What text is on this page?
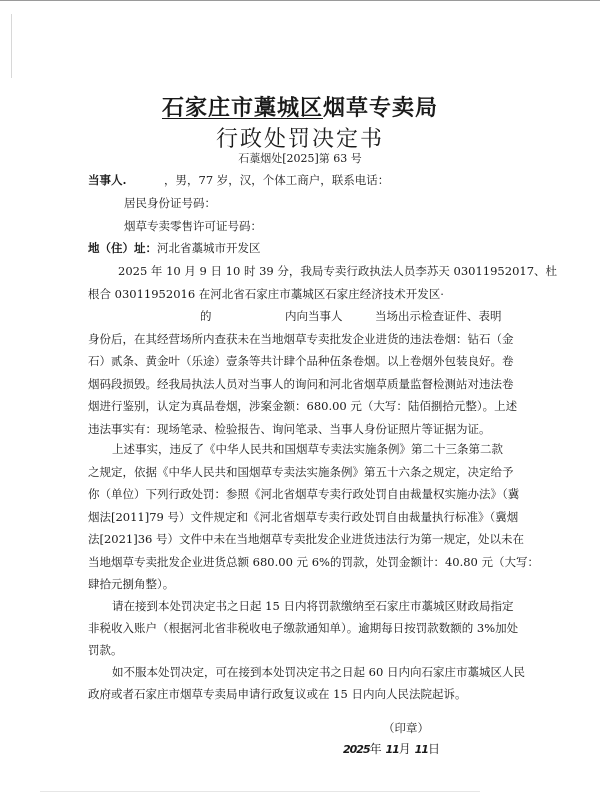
石家庄市藁城区烟草专卖局
行政处罚决定书
石藁烟处[2025]第 63 号
当事人.	，男，77 岁，汉，个体工商户，联系电话：
居民身份证号码：
烟草专卖零售许可证号码：
地（住）址：河北省藁城市开发区
2025 年 10 月 9 日 10 时 39 分，我局专卖行政执法人员李苏天 03011952017、杜
根合 03011952016 在河北省石家庄市藁城区石家庄经济技术开发区·
的	内向当事人	当场出示检查证件、表明
身份后，在其经营场所内查获未在当地烟草专卖批发企业进货的违法卷烟：钻石（金
石）贰条、黄金叶（乐途）壹条等共计肆个品种伍条卷烟。以上卷烟外包装良好。卷
烟码段损毁。经我局执法人员对当事人的询问和河北省烟草质量监督检测站对违法卷
烟进行鉴别，认定为真品卷烟，涉案金额：680.00 元（大写：陆佰捌拾元整）。上述
违法事实有：现场笔录、检验报告、询问笔录、当事人身份证照片等证据为证。
上述事实，违反了《中华人民共和国烟草专卖法实施条例》第二十三条第二款
之规定，依据《中华人民共和国烟草专卖法实施条例》第五十六条之规定，决定给予
你（单位）下列行政处罚：参照《河北省烟草专卖行政处罚自由裁量权实施办法》（冀
烟法[2011]79 号）文件规定和《河北省烟草专卖行政处罚自由裁量执行标准》（冀烟
法[2021]36 号）文件中未在当地烟草专卖批发企业进货违法行为第一规定，处以未在
当地烟草专卖批发企业进货总额 680.00 元 6%的罚款，处罚金额计：40.80 元（大写：
肆拾元捌角整）。
请在接到本处罚决定书之日起 15 日内将罚款缴纳至石家庄市藁城区财政局指定
非税收入账户（根据河北省非税收电子缴款通知单）。逾期每日按罚款数额的 3%加处
罚款。
如不服本处罚决定，可在接到本处罚决定书之日起 60 日内向石家庄市藁城区人民
政府或者石家庄市烟草专卖局申请行政复议或在 15 日内向人民法院起诉。
（印章）
2025年 11月 11日
